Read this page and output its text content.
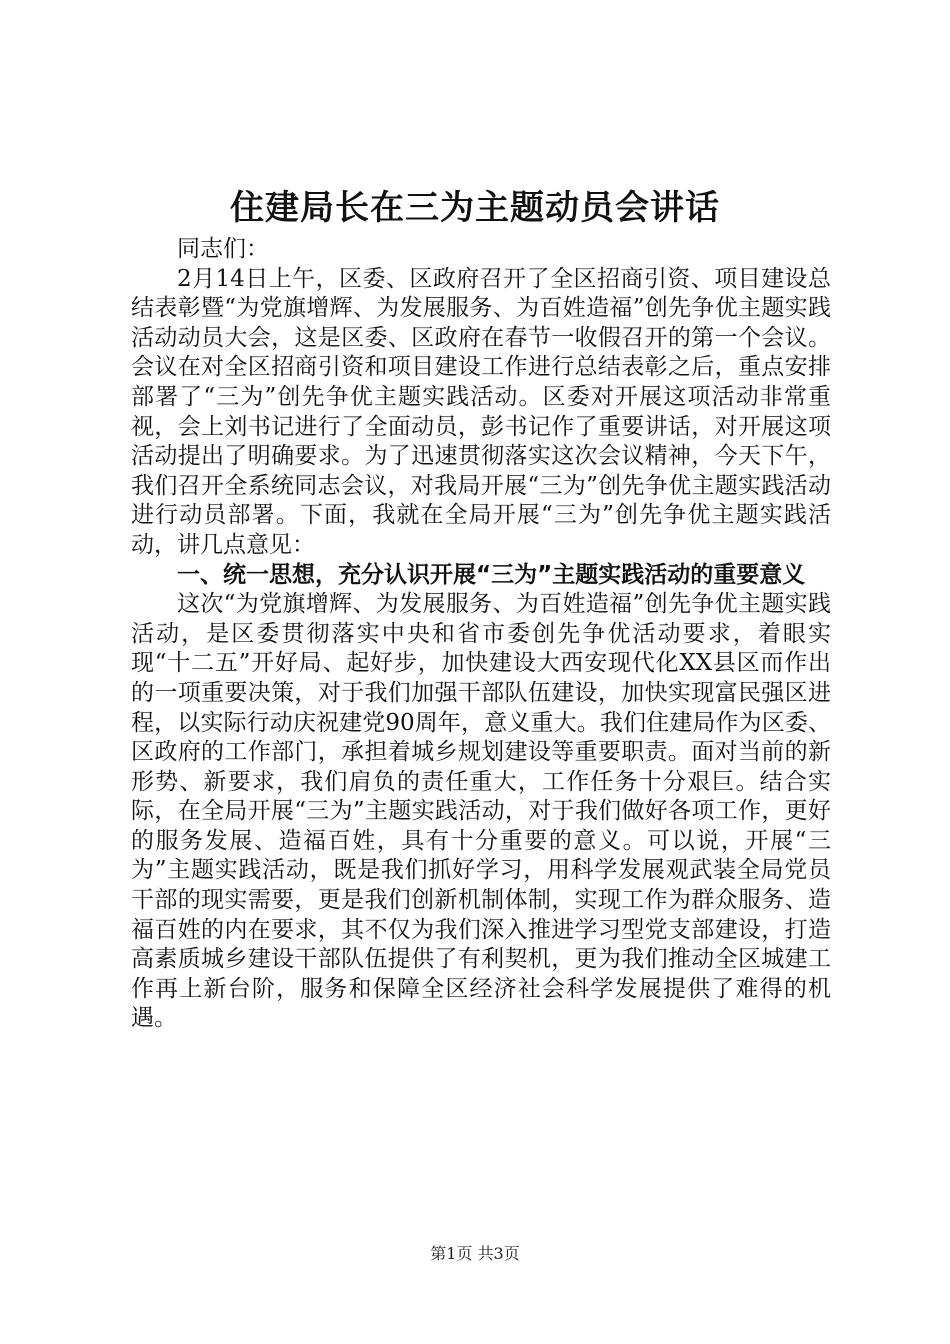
住建局长在三为主题动员会讲话

同志们：

2月14日上午，区委、区政府召开了全区招商引资、项目建设总结表彰暨“为党旗增辉、为发展服务、为百姓造福”创先争优主题实践活动动员大会，这是区委、区政府在春节一收假召开的第一个会议。会议在对全区招商引资和项目建设工作进行总结表彰之后，重点安排部署了“三为”创先争优主题实践活动。区委对开展这项活动非常重视，会上刘书记进行了全面动员，彭书记作了重要讲话，对开展这项活动提出了明确要求。为了迅速贯彻落实这次会议精神，今天下午，我们召开全系统同志会议，对我局开展“三为”创先争优主题实践活动进行动员部署。下面，我就在全局开展“三为”创先争优主题实践活动，讲几点意见：

一、统一思想，充分认识开展“三为”主题实践活动的重要意义

这次“为党旗增辉、为发展服务、为百姓造福”创先争优主题实践活动，是区委贯彻落实中央和省市委创先争优活动要求，着眼实现“十二五”开好局、起好步，加快建设大西安现代化XX县区而作出的一项重要决策，对于我们加强干部队伍建设，加快实现富民强区进程，以实际行动庆祝建党90周年，意义重大。我们住建局作为区委、区政府的工作部门，承担着城乡规划建设等重要职责。面对当前的新形势、新要求，我们肩负的责任重大，工作任务十分艰巨。结合实际，在全局开展“三为”主题实践活动，对于我们做好各项工作，更好的服务发展、造福百姓，具有十分重要的意义。可以说，开展“三为”主题实践活动，既是我们抓好学习，用科学发展观武装全局党员干部的现实需要，更是我们创新机制体制，实现工作为群众服务、造福百姓的内在要求，其不仅为我们深入推进学习型党支部建设，打造高素质城乡建设干部队伍提供了有利契机，更为我们推动全区城建工作再上新台阶，服务和保障全区经济社会科学发展提供了难得的机遇。

第1页 共3页
